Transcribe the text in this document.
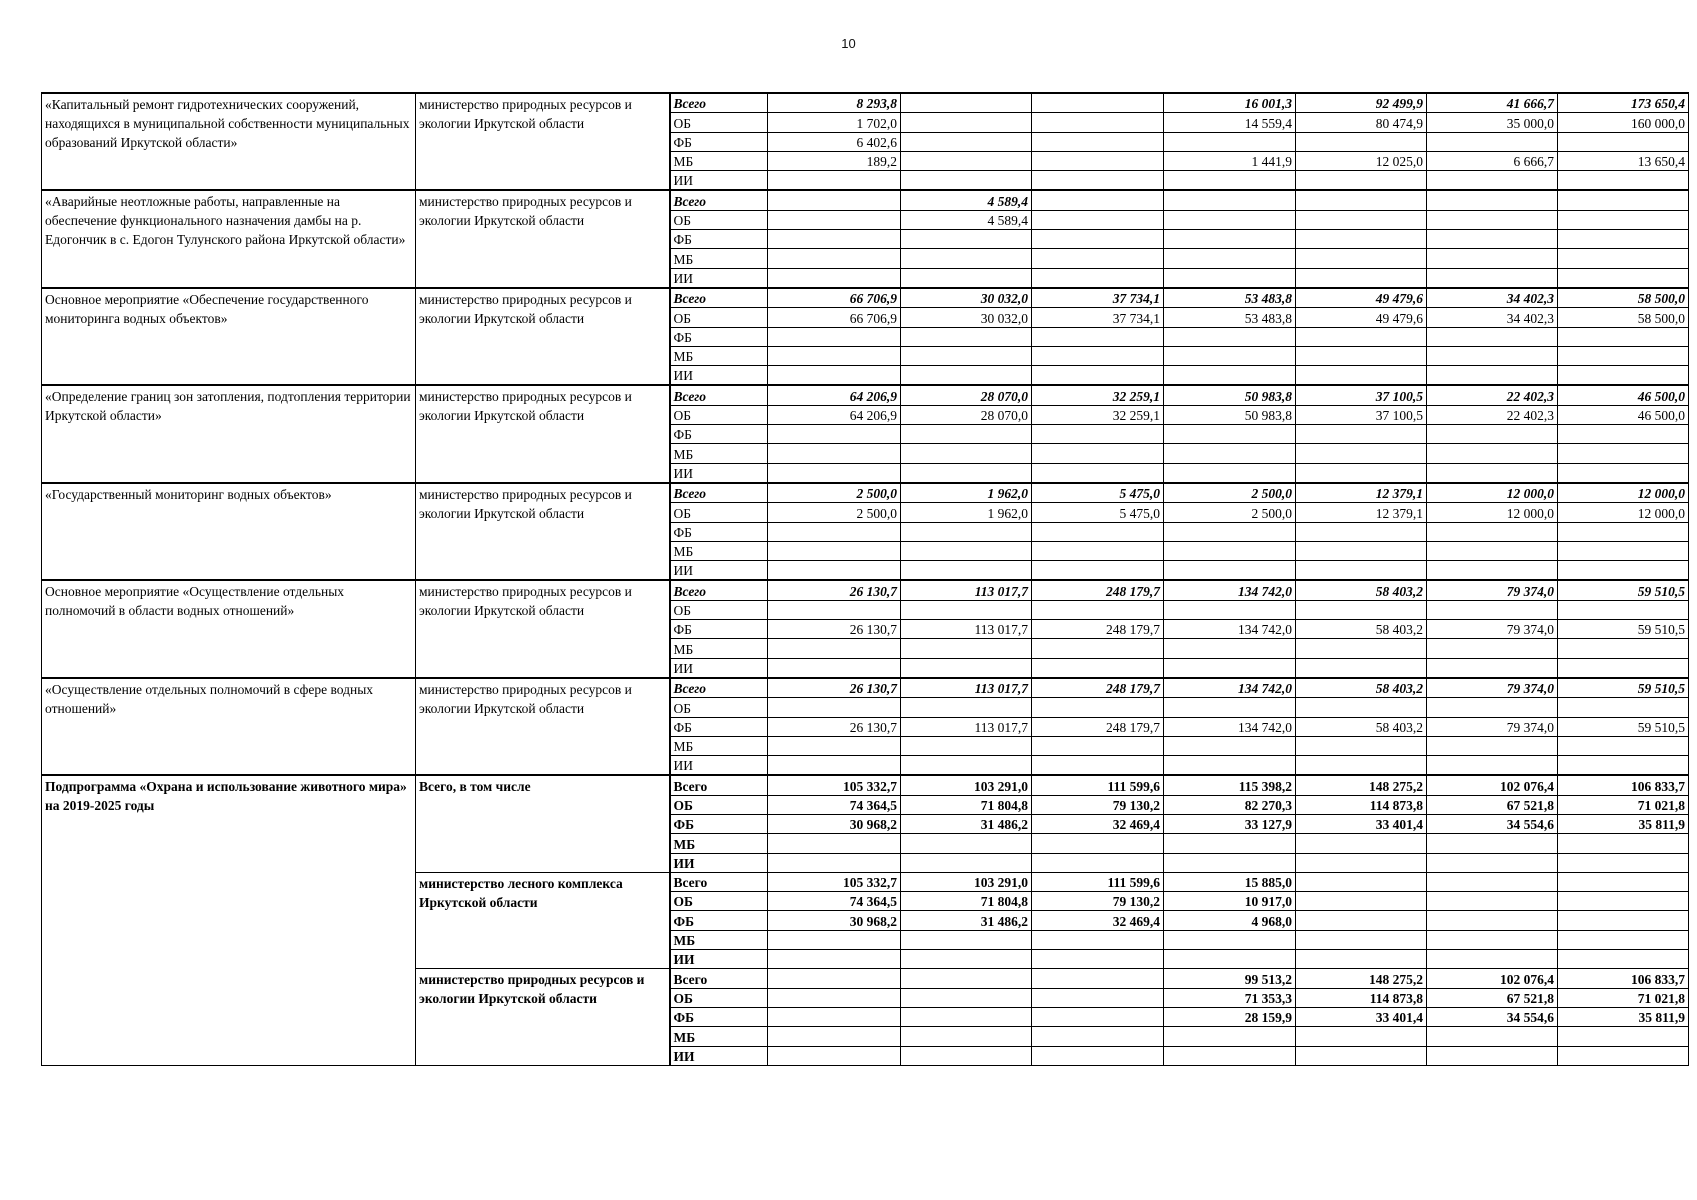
10
«Капитальный ремонт гидротехнических сооружений, находящихся в муниципальной собственности муниципальных образований Иркутской области»	министерство природных ресурсов и экологии Иркутской области	Всего	8 293,8			16 001,3	92 499,9	41 666,7	173 650,4
		ОБ	1 702,0			14 559,4	80 474,9	35 000,0	160 000,0
		ФБ	6 402,6						
		МБ	189,2			1 441,9	12 025,0	6 666,7	13 650,4
		ИИ							
«Аварийные неотложные работы, направленные на обеспечение функционального назначения дамбы на р. Едогончик в с. Едогон Тулунского района Иркутской области»	министерство природных ресурсов и экологии Иркутской области	Всего		4 589,4					
		ОБ		4 589,4					
		ФБ							
		МБ							
		ИИ							
Основное мероприятие «Обеспечение государственного мониторинга водных объектов»	министерство природных ресурсов и экологии Иркутской области	Всего	66 706,9	30 032,0	37 734,1	53 483,8	49 479,6	34 402,3	58 500,0
		ОБ	66 706,9	30 032,0	37 734,1	53 483,8	49 479,6	34 402,3	58 500,0
		ФБ							
		МБ							
		ИИ							
«Определение границ зон затопления, подтопления территории Иркутской области»	министерство природных ресурсов и экологии Иркутской области	Всего	64 206,9	28 070,0	32 259,1	50 983,8	37 100,5	22 402,3	46 500,0
		ОБ	64 206,9	28 070,0	32 259,1	50 983,8	37 100,5	22 402,3	46 500,0
		ФБ							
		МБ							
		ИИ							
«Государственный мониторинг водных объектов»	министерство природных ресурсов и экологии Иркутской области	Всего	2 500,0	1 962,0	5 475,0	2 500,0	12 379,1	12 000,0	12 000,0
		ОБ	2 500,0	1 962,0	5 475,0	2 500,0	12 379,1	12 000,0	12 000,0
		ФБ							
		МБ							
		ИИ							
Основное мероприятие «Осуществление отдельных полномочий в области водных отношений»	министерство природных ресурсов и экологии Иркутской области	Всего	26 130,7	113 017,7	248 179,7	134 742,0	58 403,2	79 374,0	59 510,5
		ОБ							
		ФБ	26 130,7	113 017,7	248 179,7	134 742,0	58 403,2	79 374,0	59 510,5
		МБ							
		ИИ							
«Осуществление отдельных полномочий в сфере водных отношений»	министерство природных ресурсов и экологии Иркутской области	Всего	26 130,7	113 017,7	248 179,7	134 742,0	58 403,2	79 374,0	59 510,5
		ОБ							
		ФБ	26 130,7	113 017,7	248 179,7	134 742,0	58 403,2	79 374,0	59 510,5
		МБ							
		ИИ							
Подпрограмма «Охрана и использование животного мира» на 2019-2025 годы	Всего, в том числе	Всего	105 332,7	103 291,0	111 599,6	115 398,2	148 275,2	102 076,4	106 833,7
		ОБ	74 364,5	71 804,8	79 130,2	82 270,3	114 873,8	67 521,8	71 021,8
		ФБ	30 968,2	31 486,2	32 469,4	33 127,9	33 401,4	34 554,6	35 811,9
		МБ							
		ИИ							
	министерство лесного комплекса Иркутской области	Всего	105 332,7	103 291,0	111 599,6	15 885,0			
		ОБ	74 364,5	71 804,8	79 130,2	10 917,0			
		ФБ	30 968,2	31 486,2	32 469,4	4 968,0			
		МБ							
		ИИ							
	министерство природных ресурсов и экологии Иркутской области	Всего				99 513,2	148 275,2	102 076,4	106 833,7
		ОБ				71 353,3	114 873,8	67 521,8	71 021,8
		ФБ				28 159,9	33 401,4	34 554,6	35 811,9
		МБ							
		ИИ							
